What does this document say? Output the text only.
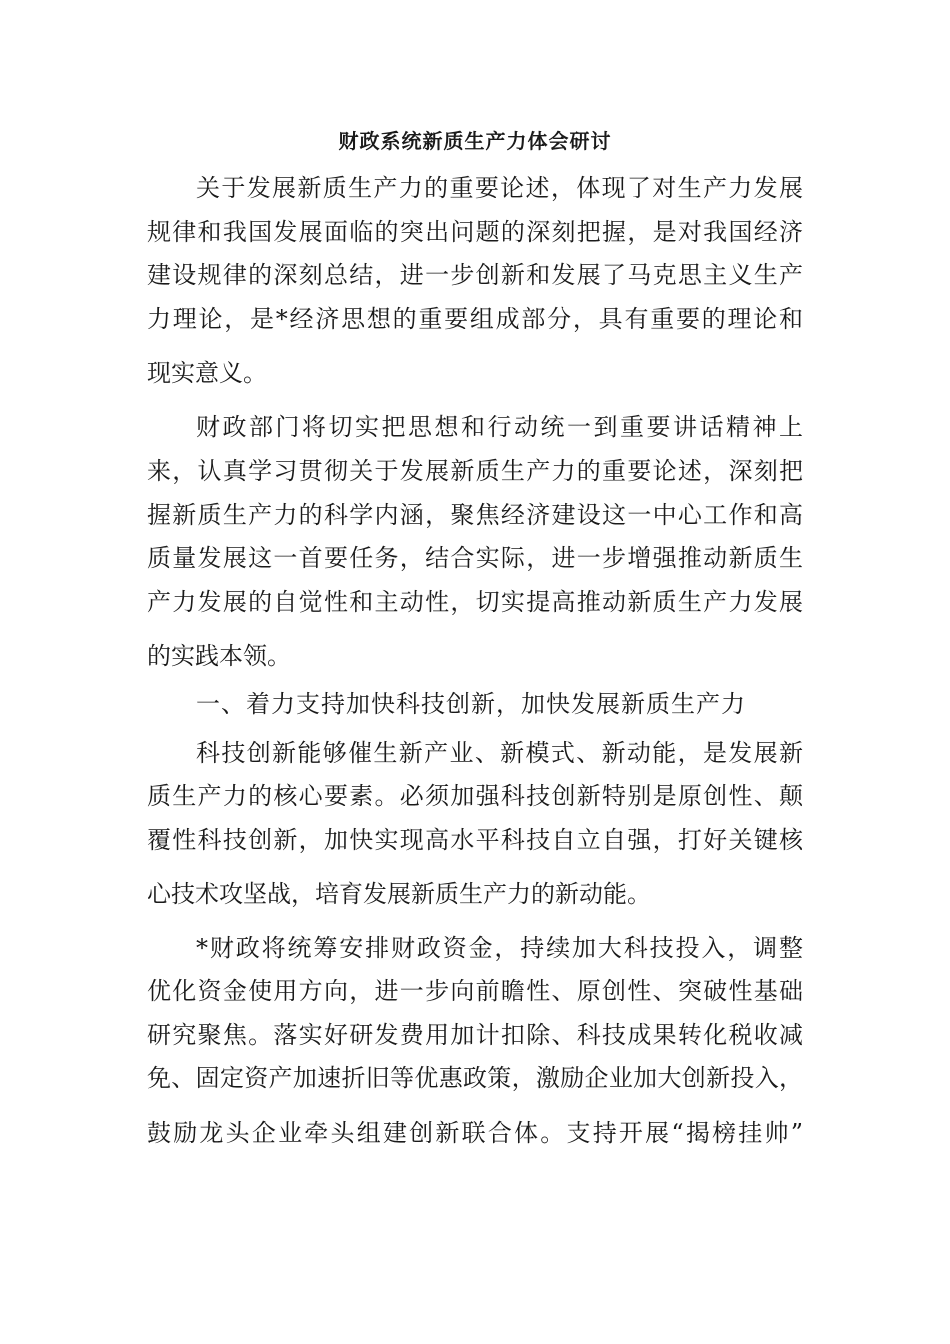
财政系统新质生产力体会研讨
关于发展新质生产力的重要论述，体现了对生产力发展
规律和我国发展面临的突出问题的深刻把握，是对我国经济
建设规律的深刻总结，进一步创新和发展了马克思主义生产
力理论，是*经济思想的重要组成部分，具有重要的理论和
现实意义。
财政部门将切实把思想和行动统一到重要讲话精神上
来，认真学习贯彻关于发展新质生产力的重要论述，深刻把
握新质生产力的科学内涵，聚焦经济建设这一中心工作和高
质量发展这一首要任务，结合实际，进一步增强推动新质生
产力发展的自觉性和主动性，切实提高推动新质生产力发展
的实践本领。
一、着力支持加快科技创新，加快发展新质生产力
科技创新能够催生新产业、新模式、新动能，是发展新
质生产力的核心要素。必须加强科技创新特别是原创性、颠
覆性科技创新，加快实现高水平科技自立自强，打好关键核
心技术攻坚战，培育发展新质生产力的新动能。
*财政将统筹安排财政资金，持续加大科技投入，调整
优化资金使用方向，进一步向前瞻性、原创性、突破性基础
研究聚焦。落实好研发费用加计扣除、科技成果转化税收减
免、固定资产加速折旧等优惠政策，激励企业加大创新投入，
鼓励龙头企业牵头组建创新联合体。支持开展“揭榜挂帅”
